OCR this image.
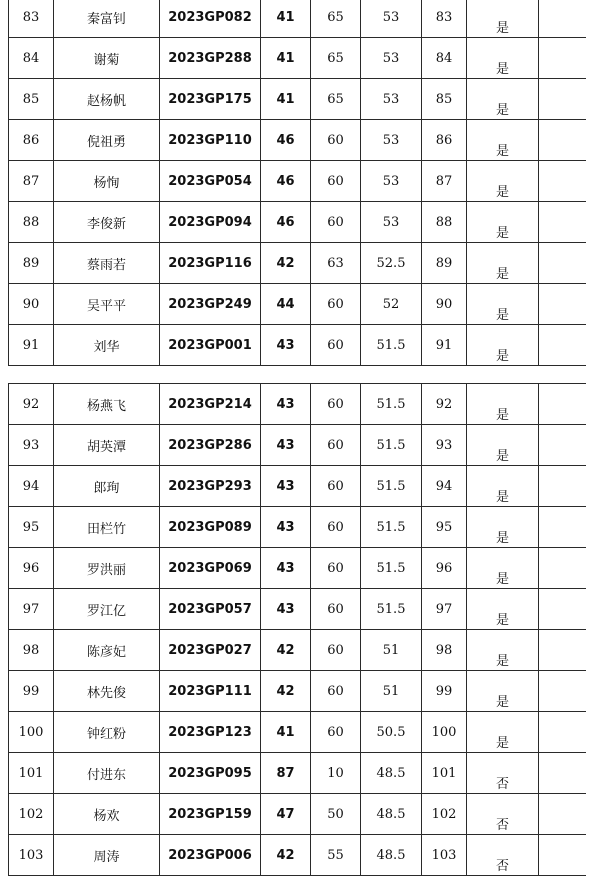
83	秦富钊	2023GP082	41	65	53	83	是	

84	谢菊	2023GP288	41	65	53	84	是	

85	赵杨帆	2023GP175	41	65	53	85	是	

86	倪祖勇	2023GP110	46	60	53	86	是	

87	杨恂	2023GP054	46	60	53	87	是	

88	李俊新	2023GP094	46	60	53	88	是	

89	蔡雨若	2023GP116	42	63	52.5	89	是	

90	吴平平	2023GP249	44	60	52	90	是	

91	刘华	2023GP001	43	60	51.5	91	是	

92	杨燕飞	2023GP214	43	60	51.5	92	是	

93	胡英潭	2023GP286	43	60	51.5	93	是	

94	郎珣	2023GP293	43	60	51.5	94	是	

95	田栏竹	2023GP089	43	60	51.5	95	是	

96	罗洪丽	2023GP069	43	60	51.5	96	是	

97	罗江亿	2023GP057	43	60	51.5	97	是	

98	陈彦妃	2023GP027	42	60	51	98	是	

99	林先俊	2023GP111	42	60	51	99	是	

100	钟红粉	2023GP123	41	60	50.5	100	是	

101	付进东	2023GP095	87	10	48.5	101	否	

102	杨欢	2023GP159	47	50	48.5	102	否	

103	周涛	2023GP006	42	55	48.5	103	否	
